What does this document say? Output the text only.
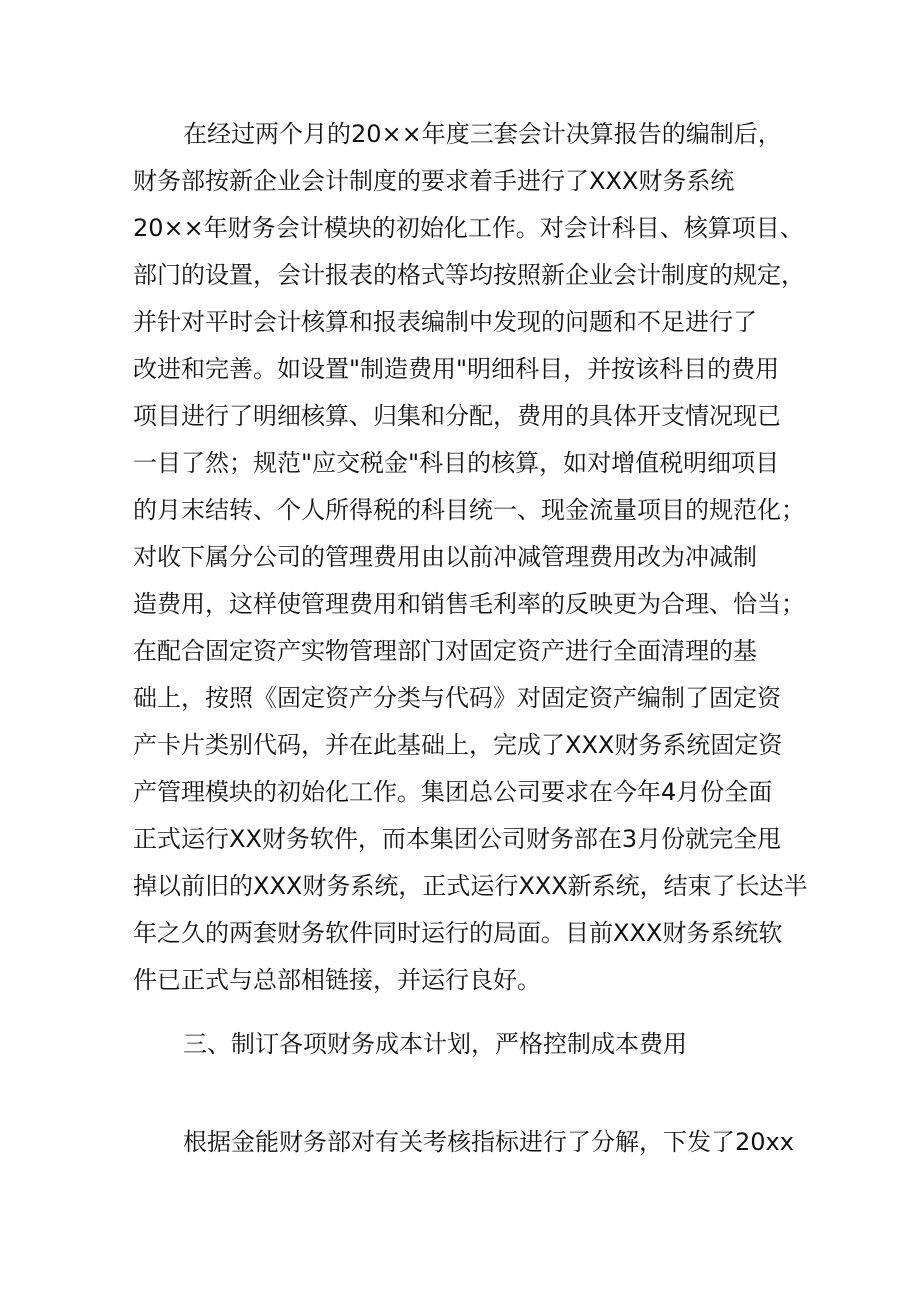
在经过两个月的20××年度三套会计决算报告的编制后，
财务部按新企业会计制度的要求着手进行了XXX财务系统
20××年财务会计模块的初始化工作。对会计科目、核算项目、
部门的设置，会计报表的格式等均按照新企业会计制度的规定，
并针对平时会计核算和报表编制中发现的问题和不足进行了
改进和完善。如设置"制造费用"明细科目，并按该科目的费用
项目进行了明细核算、归集和分配，费用的具体开支情况现已
一目了然；规范"应交税金"科目的核算，如对增值税明细项目
的月末结转、个人所得税的科目统一、现金流量项目的规范化；
对收下属分公司的管理费用由以前冲减管理费用改为冲减制
造费用，这样使管理费用和销售毛利率的反映更为合理、恰当；
在配合固定资产实物管理部门对固定资产进行全面清理的基
础上，按照《固定资产分类与代码》对固定资产编制了固定资
产卡片类别代码，并在此基础上，完成了XXX财务系统固定资
产管理模块的初始化工作。集团总公司要求在今年4月份全面
正式运行XX财务软件，而本集团公司财务部在3月份就完全甩
掉以前旧的XXX财务系统，正式运行XXX新系统，结束了长达半
年之久的两套财务软件同时运行的局面。目前XXX财务系统软
件已正式与总部相链接，并运行良好。
三、制订各项财务成本计划，严格控制成本费用
根据金能财务部对有关考核指标进行了分解，下发了20xx
